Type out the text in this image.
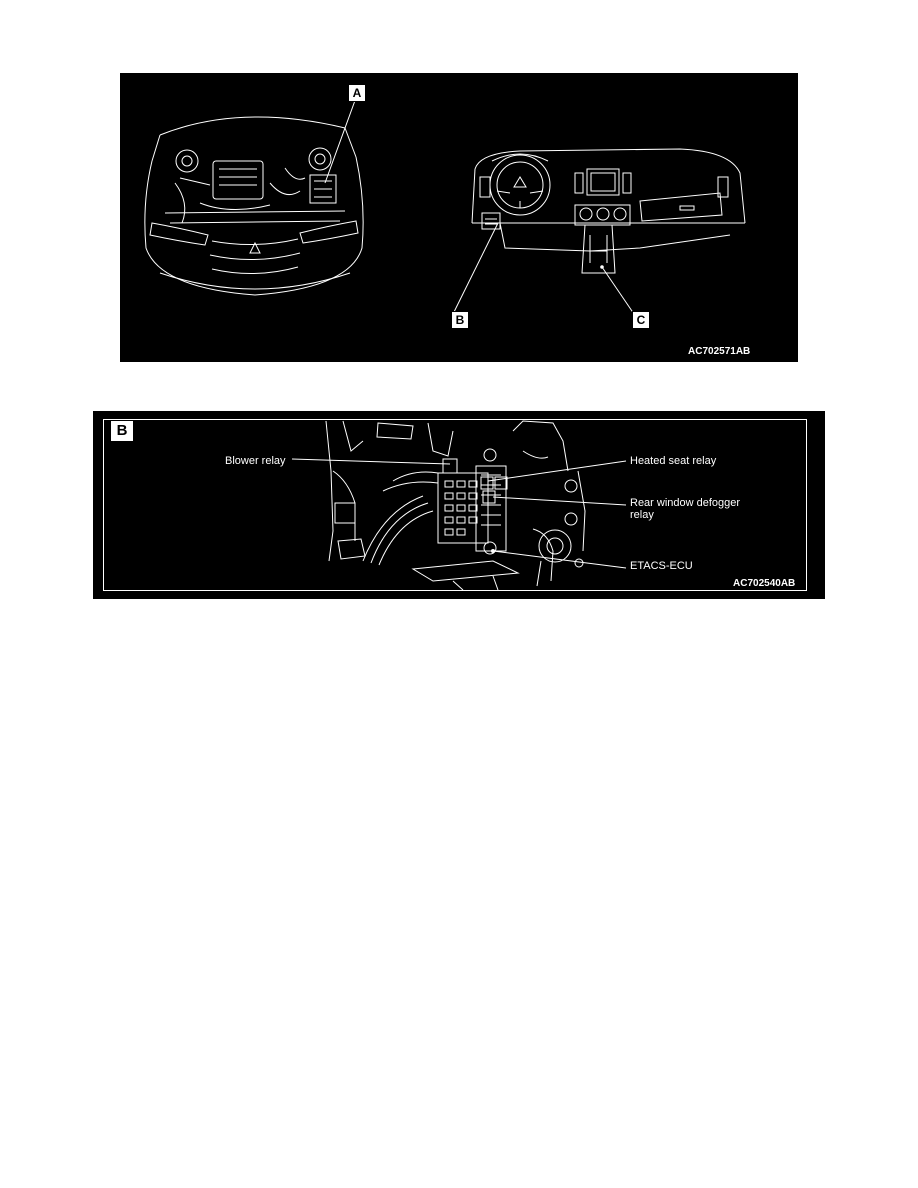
A
B	C
AC702571AB
B
Blower relay	Heated seat relay
Rear window defogger
relay
ETACS-ECU
AC702540AB
